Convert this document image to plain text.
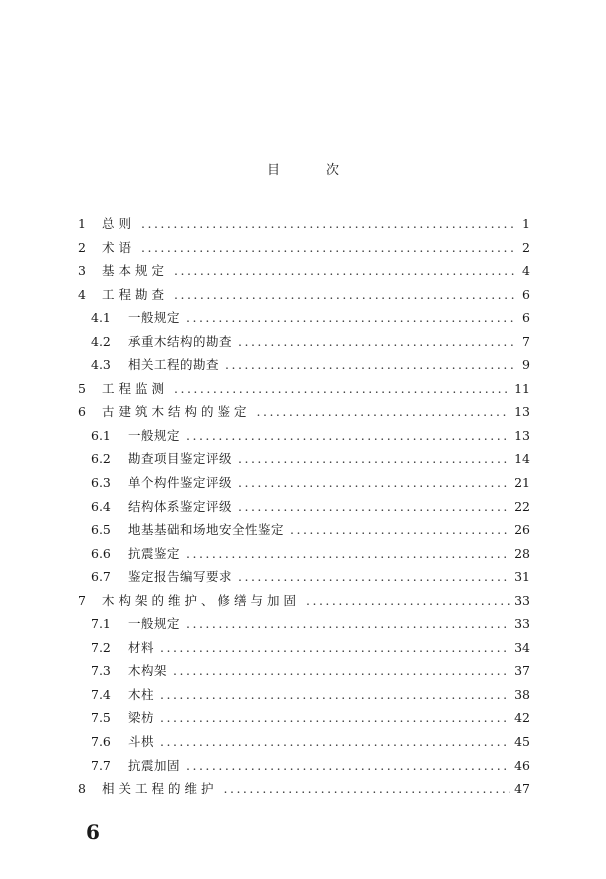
目次
1	总则 .....	1
2	术语 .....	2
3	基本规定 .....	4
4	工程勘查 .....	6
4.1	一般规定 .....	6
4.2	承重木结构的勘查 .....	7
4.3	相关工程的勘查 .....	9
5	工程监测 .....	11
6	古建筑木结构的鉴定 .....	13
6.1	一般规定 .....	13
6.2	勘查项目鉴定评级 .....	14
6.3	单个构件鉴定评级 .....	21
6.4	结构体系鉴定评级 .....	22
6.5	地基基础和场地安全性鉴定 .....	26
6.6	抗震鉴定 .....	28
6.7	鉴定报告编写要求 .....	31
7	木构架的维护、修缮与加固 .....	33
7.1	一般规定 .....	33
7.2	材料 .....	34
7.3	木构架 .....	37
7.4	木柱 .....	38
7.5	梁枋 .....	42
7.6	斗栱 .....	45
7.7	抗震加固 .....	46
8	相关工程的维护 .....	47
6
